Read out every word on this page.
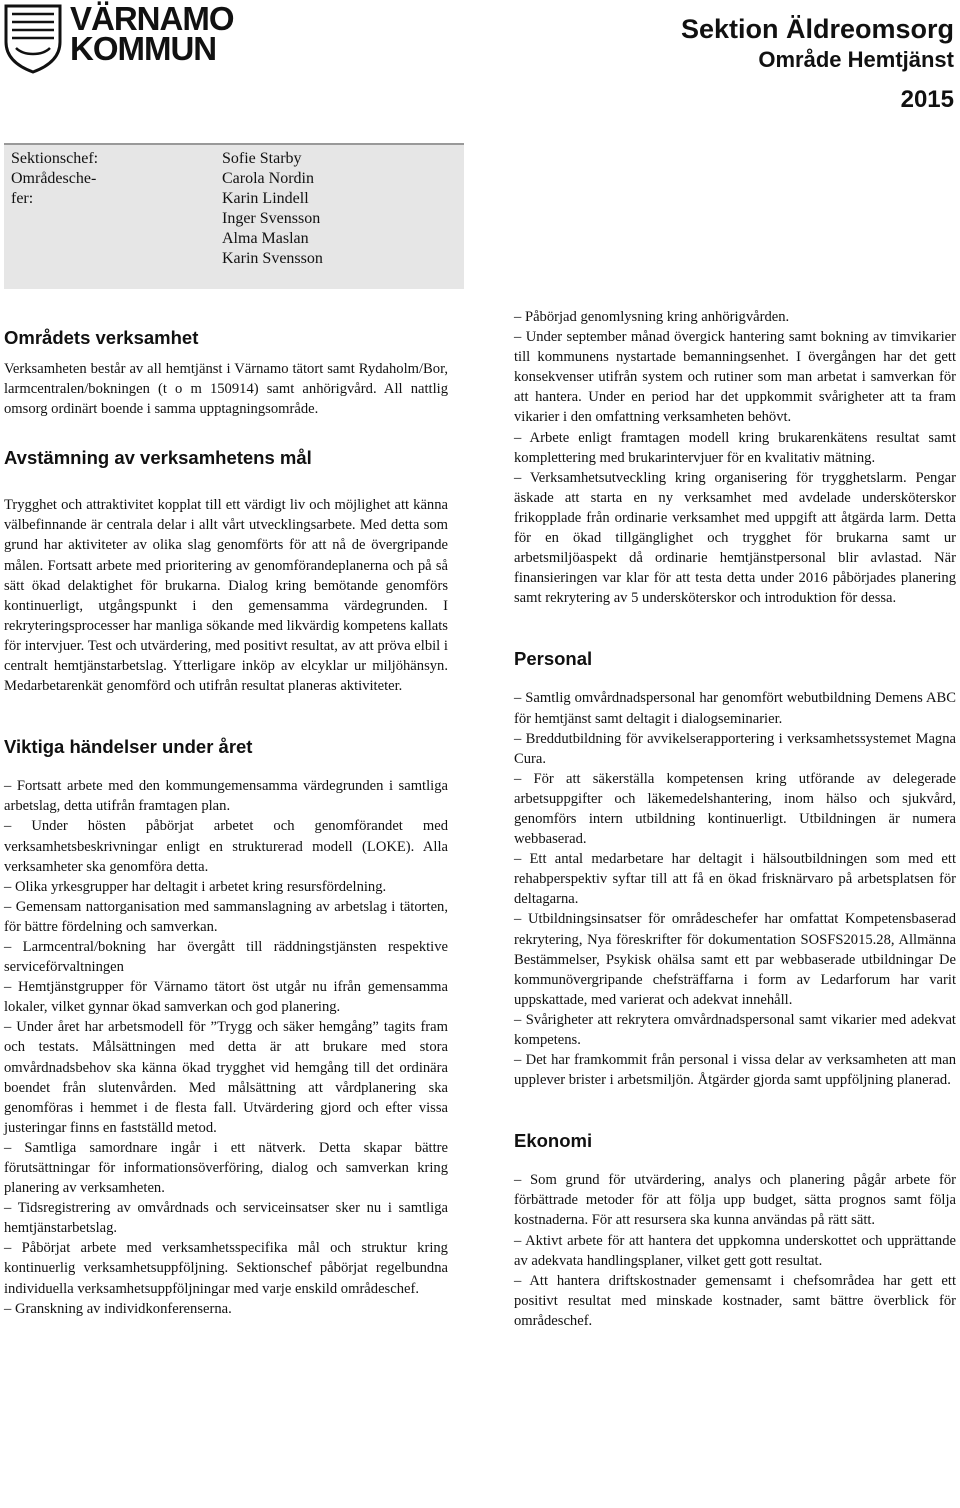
VÄRNAMO
KOMMUN
Sektion Äldreomsorg
Område Hemtjänst
2015
Sektionschef:
Områdesche-
fer:
Sofie Starby
Carola Nordin
Karin Lindell
Inger Svensson
Alma Maslan
Karin Svensson

Områdets verksamhet

Verksamheten består av all hemtjänst i Värnamo tätort samt Rydaholm/Bor, larmcentralen/bokningen (t o m 150914) samt anhörigvård. All nattlig omsorg ordinärt boende i samma upptagningsområde.

Avstämning av verksamhetens mål

Trygghet och attraktivitet kopplat till ett värdigt liv och möjlighet att känna välbefinnande är centrala delar i allt vårt utvecklingsarbete. Med detta som grund har aktiviteter av olika slag genomförts för att nå de övergripande målen. Fortsatt arbete med prioritering av genomförandeplanerna och på så sätt ökad delaktighet för brukarna. Dialog kring bemötande genomförs kontinuerligt, utgångspunkt i den gemensamma värdegrunden. I rekryteringsprocesser har manliga sökande med likvärdig kompetens kallats för intervjuer. Test och utvärdering, med positivt resultat, av att pröva elbil i centralt hemtjänstarbetslag. Ytterligare inköp av elcyklar ur miljöhänsyn. Medarbetarenkät genomförd och utifrån resultat planeras aktiviteter.

Viktiga händelser under året

– Fortsatt arbete med den kommungemensamma värdegrunden i samtliga arbetslag, detta utifrån framtagen plan.

– Under hösten påbörjat arbetet och genomförandet med verksamhetsbeskrivningar enligt en strukturerad modell (LOKE). Alla verksamheter ska genomföra detta.

– Olika yrkesgrupper har deltagit i arbetet kring resursfördelning.

– Gemensam nattorganisation med sammanslagning av arbetslag i tätorten, för bättre fördelning och samverkan.

– Larmcentral/bokning har övergått till räddningstjänsten respektive serviceförvaltningen

– Hemtjänstgrupper för Värnamo tätort öst utgår nu ifrån gemensamma lokaler, vilket gynnar ökad samverkan och god planering.

– Under året har arbetsmodell för ”Trygg och säker hemgång” tagits fram och testats. Målsättningen med detta är att brukare med stora omvårdnadsbehov ska känna ökad trygghet vid hemgång till det ordinära boendet från slutenvården. Med målsättning att vårdplanering ska genomföras i hemmet i de flesta fall. Utvärdering gjord och efter vissa justeringar finns en fastställd metod.

– Samtliga samordnare ingår i ett nätverk. Detta skapar bättre förutsättningar för informationsöverföring, dialog och samverkan kring planering av verksamheten.

– Tidsregistrering av omvårdnads och serviceinsatser sker nu i samtliga hemtjänstarbetslag.

– Påbörjat arbete med verksamhetsspecifika mål och struktur kring kontinuerlig verksamhetsuppföljning. Sektionschef påbörjat regelbundna individuella verksamhetsuppföljningar med varje enskild områdeschef.

– Granskning av individkonferenserna.

– Påbörjad genomlysning kring anhörigvården.

– Under september månad övergick hantering samt bokning av timvikarier till kommunens nystartade bemanningsenhet. I övergången har det gett konsekvenser utifrån system och rutiner som man arbetat i samverkan för att hantera. Under en period har det uppkommit svårigheter att ta fram vikarier i den omfattning verksamheten behövt.

– Arbete enligt framtagen modell kring brukarenkätens resultat samt komplettering med brukarintervjuer för en kvalitativ mätning.

– Verksamhetsutveckling kring organisering för trygghetslarm. Pengar äskade att starta en ny verksamhet med avdelade undersköterskor frikopplade från ordinarie verksamhet med uppgift att åtgärda larm. Detta för en ökad tillgänglighet och trygghet för brukarna samt ur arbetsmiljöaspekt då ordinarie hemtjänstpersonal blir avlastad. När finansieringen var klar för att testa detta under 2016 påbörjades planering samt rekrytering av 5 undersköterskor och introduktion för dessa.

Personal

– Samtlig omvårdnadspersonal har genomfört webutbildning Demens ABC för hemtjänst samt deltagit i dialogseminarier.

– Breddutbildning för avvikelserapportering i verksamhetssystemet Magna Cura.

– För att säkerställa kompetensen kring utförande av delegerade arbetsuppgifter och läkemedelshantering, inom hälso och sjukvård, genomförs intern utbildning kontinuerligt. Utbildningen är numera webbaserad.

– Ett antal medarbetare har deltagit i hälsoutbildningen som med ett rehabperspektiv syftar till att få en ökad frisknärvaro på arbetsplatsen för deltagarna.

– Utbildningsinsatser för områdeschefer har omfattat Kompetensbaserad rekrytering, Nya föreskrifter för dokumentation SOSFS2015.28, Allmänna Bestämmelser, Psykisk ohälsa samt ett par webbaserade utbildningar De kommunövergripande chefsträffarna i form av Ledarforum har varit uppskattade, med varierat och adekvat innehåll.

– Svårigheter att rekrytera omvårdnadspersonal samt vikarier med adekvat kompetens.

– Det har framkommit från personal i vissa delar av verksamheten att man upplever brister i arbetsmiljön. Åtgärder gjorda samt uppföljning planerad.

Ekonomi

– Som grund för utvärdering, analys och planering pågår arbete för förbättrade metoder för att följa upp budget, sätta prognos samt följa kostnaderna. För att resursera ska kunna användas på rätt sätt.

– Aktivt arbete för att hantera det uppkomna underskottet och upprättande av adekvata handlingsplaner, vilket gett gott resultat.

– Att hantera driftskostnader gemensamt i chefsområdea har gett ett positivt resultat med minskade kostnader, samt bättre överblick för områdeschef.
